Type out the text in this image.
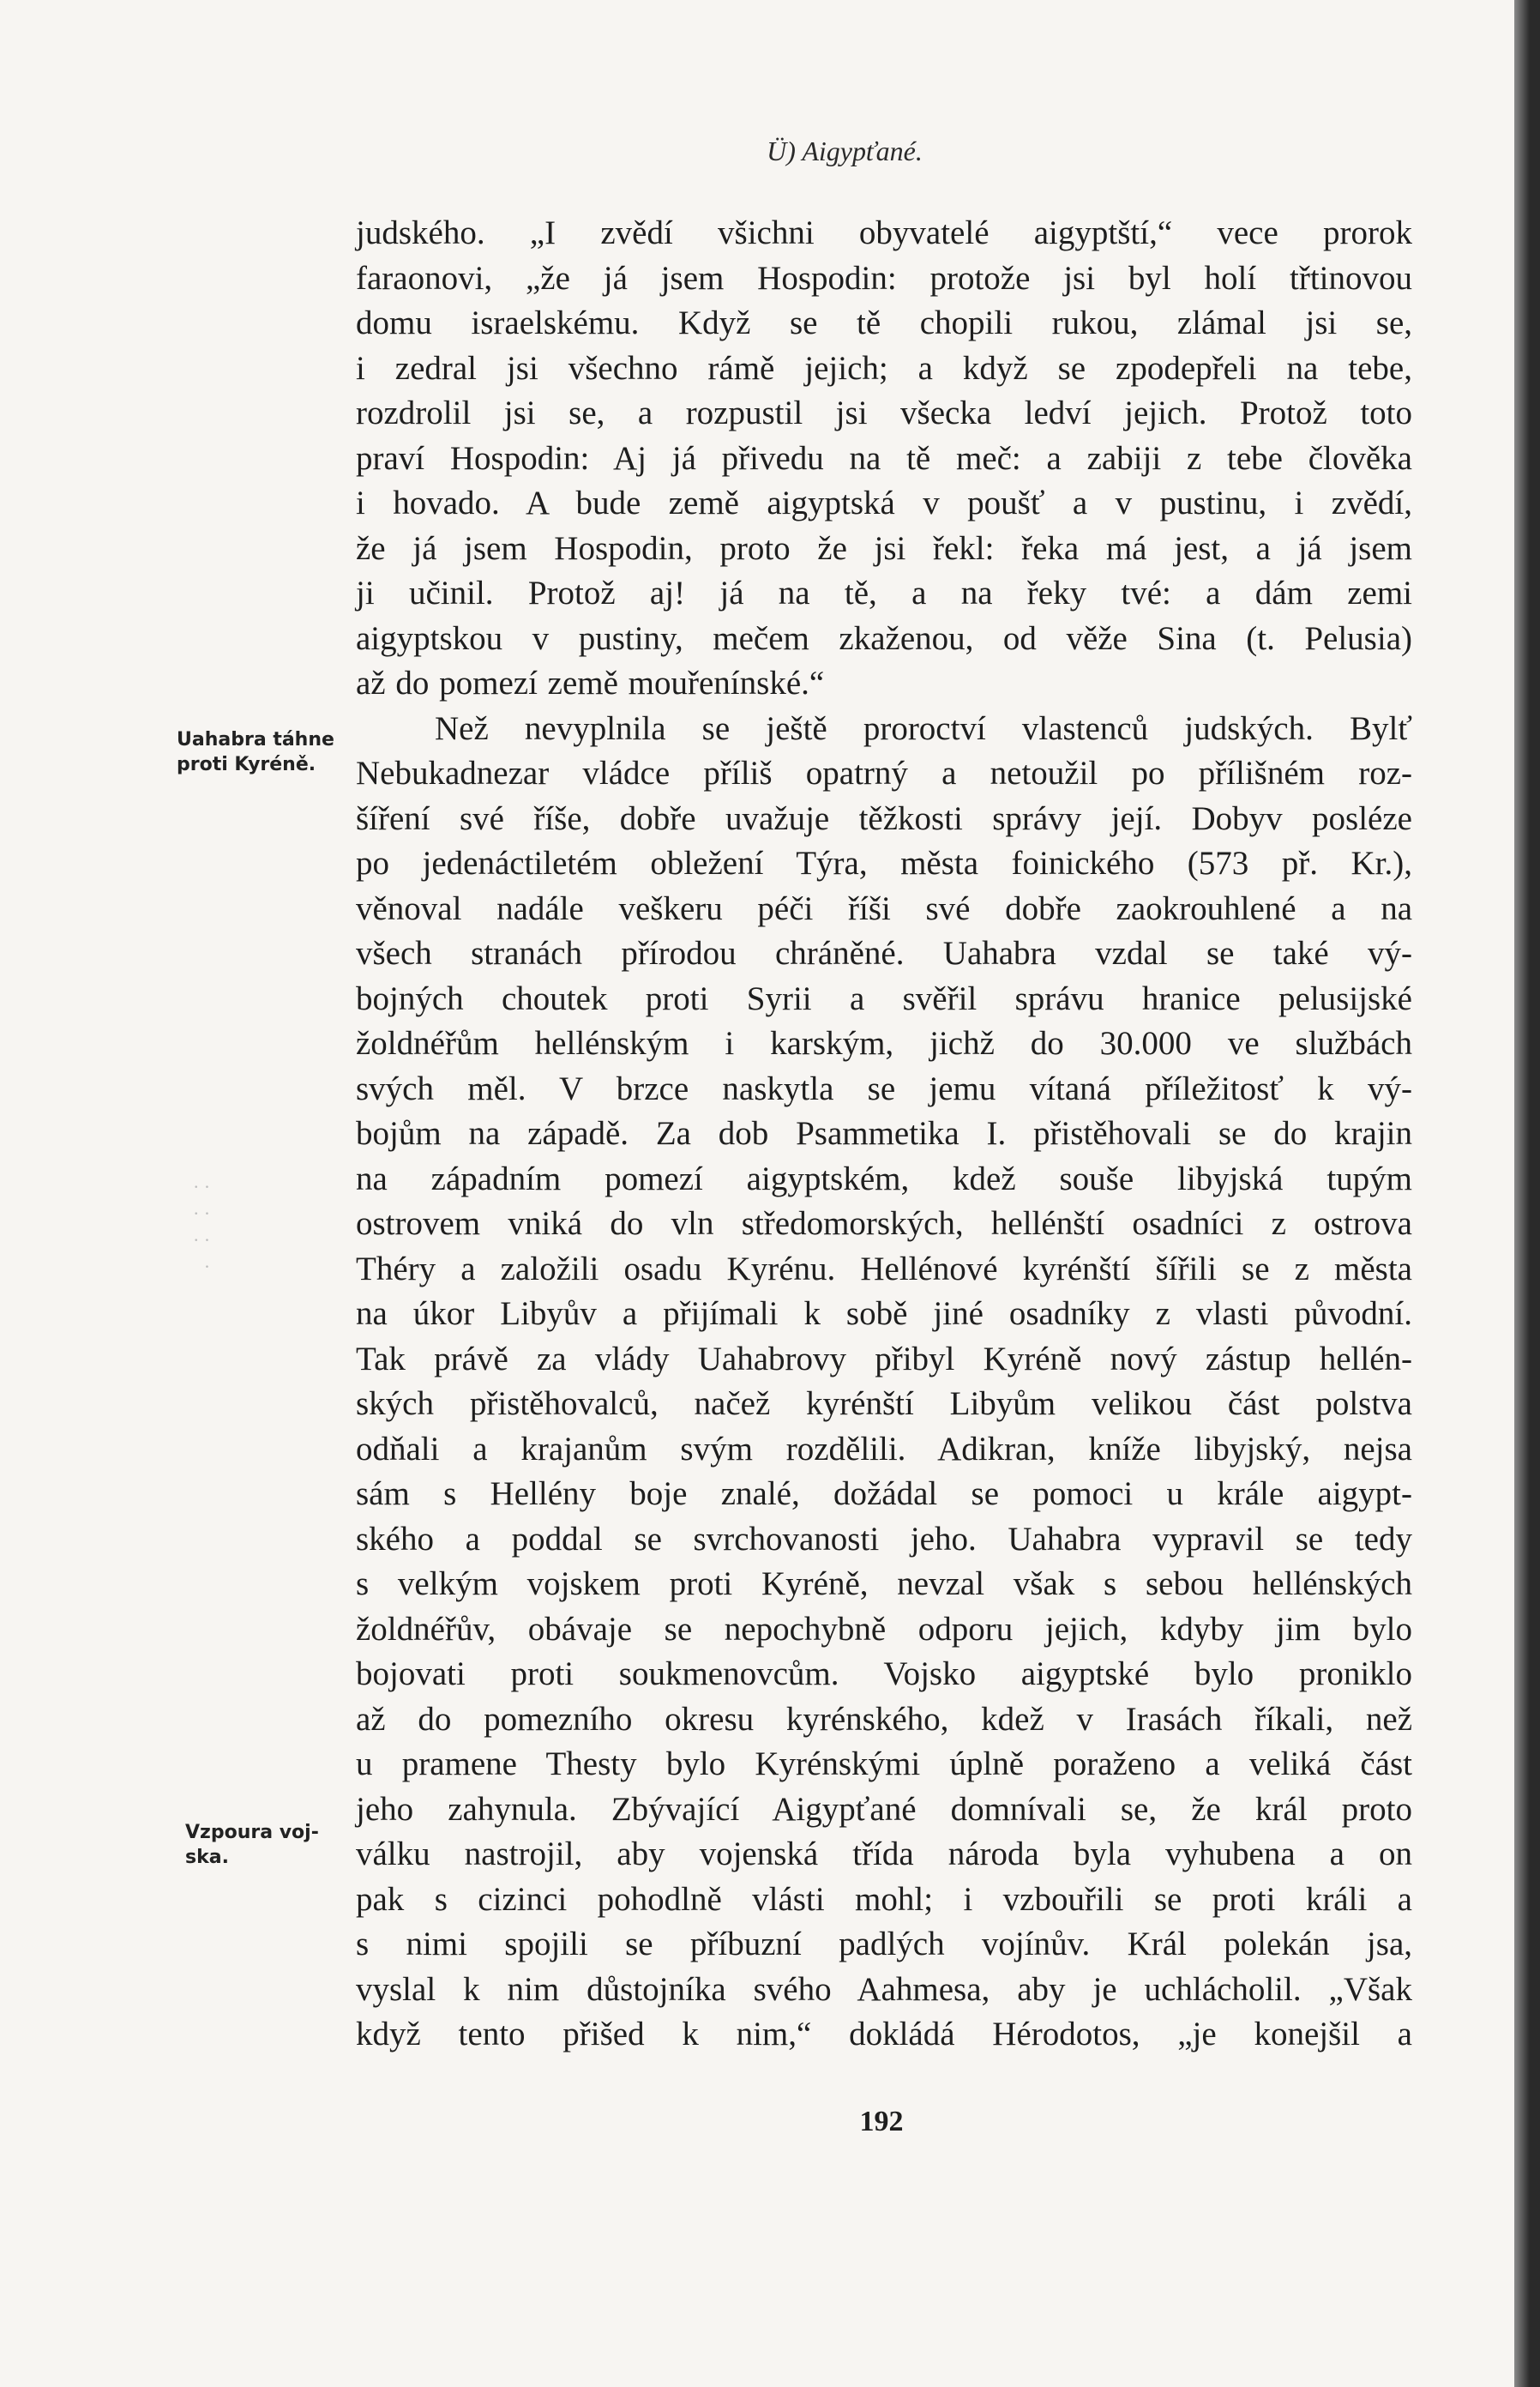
Ü) Aigypťané.
· ·
· ·
· ·
·
Uahabra táhne
proti Kyréně.
Vzpoura voj-
ska.
judského. „I zvědí všichni obyvatelé aigyptští,“ vece prorok
faraonovi, „že já jsem Hospodin: protože jsi byl holí třtinovou
domu israelskému. Když se tě chopili rukou, zlámal jsi se,
i zedral jsi všechno rámě jejich; a když se zpodepřeli na tebe,
rozdrolil jsi se, a rozpustil jsi všecka ledví jejich. Protož toto
praví Hospodin: Aj já přivedu na tě meč: a zabiji z tebe člověka
i hovado. A bude země aigyptská v poušť a v pustinu, i zvědí,
že já jsem Hospodin, proto že jsi řekl: řeka má jest, a já jsem
ji učinil. Protož aj! já na tě, a na řeky tvé: a dám zemi
aigyptskou v pustiny, mečem zkaženou, od věže Sina (t. Pelusia)
až do pomezí země mouřenínské.“
Než nevyplnila se ještě proroctví vlastenců judských. Bylť
Nebukadnezar vládce příliš opatrný a netoužil po přílišném roz-
šíření své říše, dobře uvažuje těžkosti správy její. Dobyv posléze
po jedenáctiletém obležení Týra, města foinického (573 př. Kr.),
věnoval nadále veškeru péči říši své dobře zaokrouhlené a na
všech stranách přírodou chráněné. Uahabra vzdal se také vý-
bojných choutek proti Syrii a svěřil správu hranice pelusijské
žoldnéřům hellénským i karským, jichž do 30.000 ve službách
svých měl. V brzce naskytla se jemu vítaná příležitosť k vý-
bojům na západě. Za dob Psammetika I. přistěhovali se do krajin
na západním pomezí aigyptském, kdež souše libyjská tupým
ostrovem vniká do vln středomorských, hellénští osadníci z ostrova
Théry a založili osadu Kyrénu. Hellénové kyrénští šířili se z města
na úkor Libyův a přijímali k sobě jiné osadníky z vlasti původní.
Tak právě za vlády Uahabrovy přibyl Kyréně nový zástup hellén-
ských přistěhovalců, načež kyrénští Libyům velikou část polstva
odňali a krajanům svým rozdělili. Adikran, kníže libyjský, nejsa
sám s Hellény boje znalé, dožádal se pomoci u krále aigypt-
ského a poddal se svrchovanosti jeho. Uahabra vypravil se tedy
s velkým vojskem proti Kyréně, nevzal však s sebou hellénských
žoldnéřův, obávaje se nepochybně odporu jejich, kdyby jim bylo
bojovati proti soukmenovcům. Vojsko aigyptské bylo proniklo
až do pomezního okresu kyrénského, kdež v Irasách říkali, než
u pramene Thesty bylo Kyrénskými úplně poraženo a veliká část
jeho zahynula. Zbývající Aigypťané domnívali se, že král proto
válku nastrojil, aby vojenská třída národa byla vyhubena a on
pak s cizinci pohodlně vlásti mohl; i vzbouřili se proti králi a
s nimi spojili se příbuzní padlých vojínův. Král polekán jsa,
vyslal k nim důstojníka svého Aahmesa, aby je uchlácholil. „Však
když tento přišed k nim,“ dokládá Hérodotos, „je konejšil a
192
